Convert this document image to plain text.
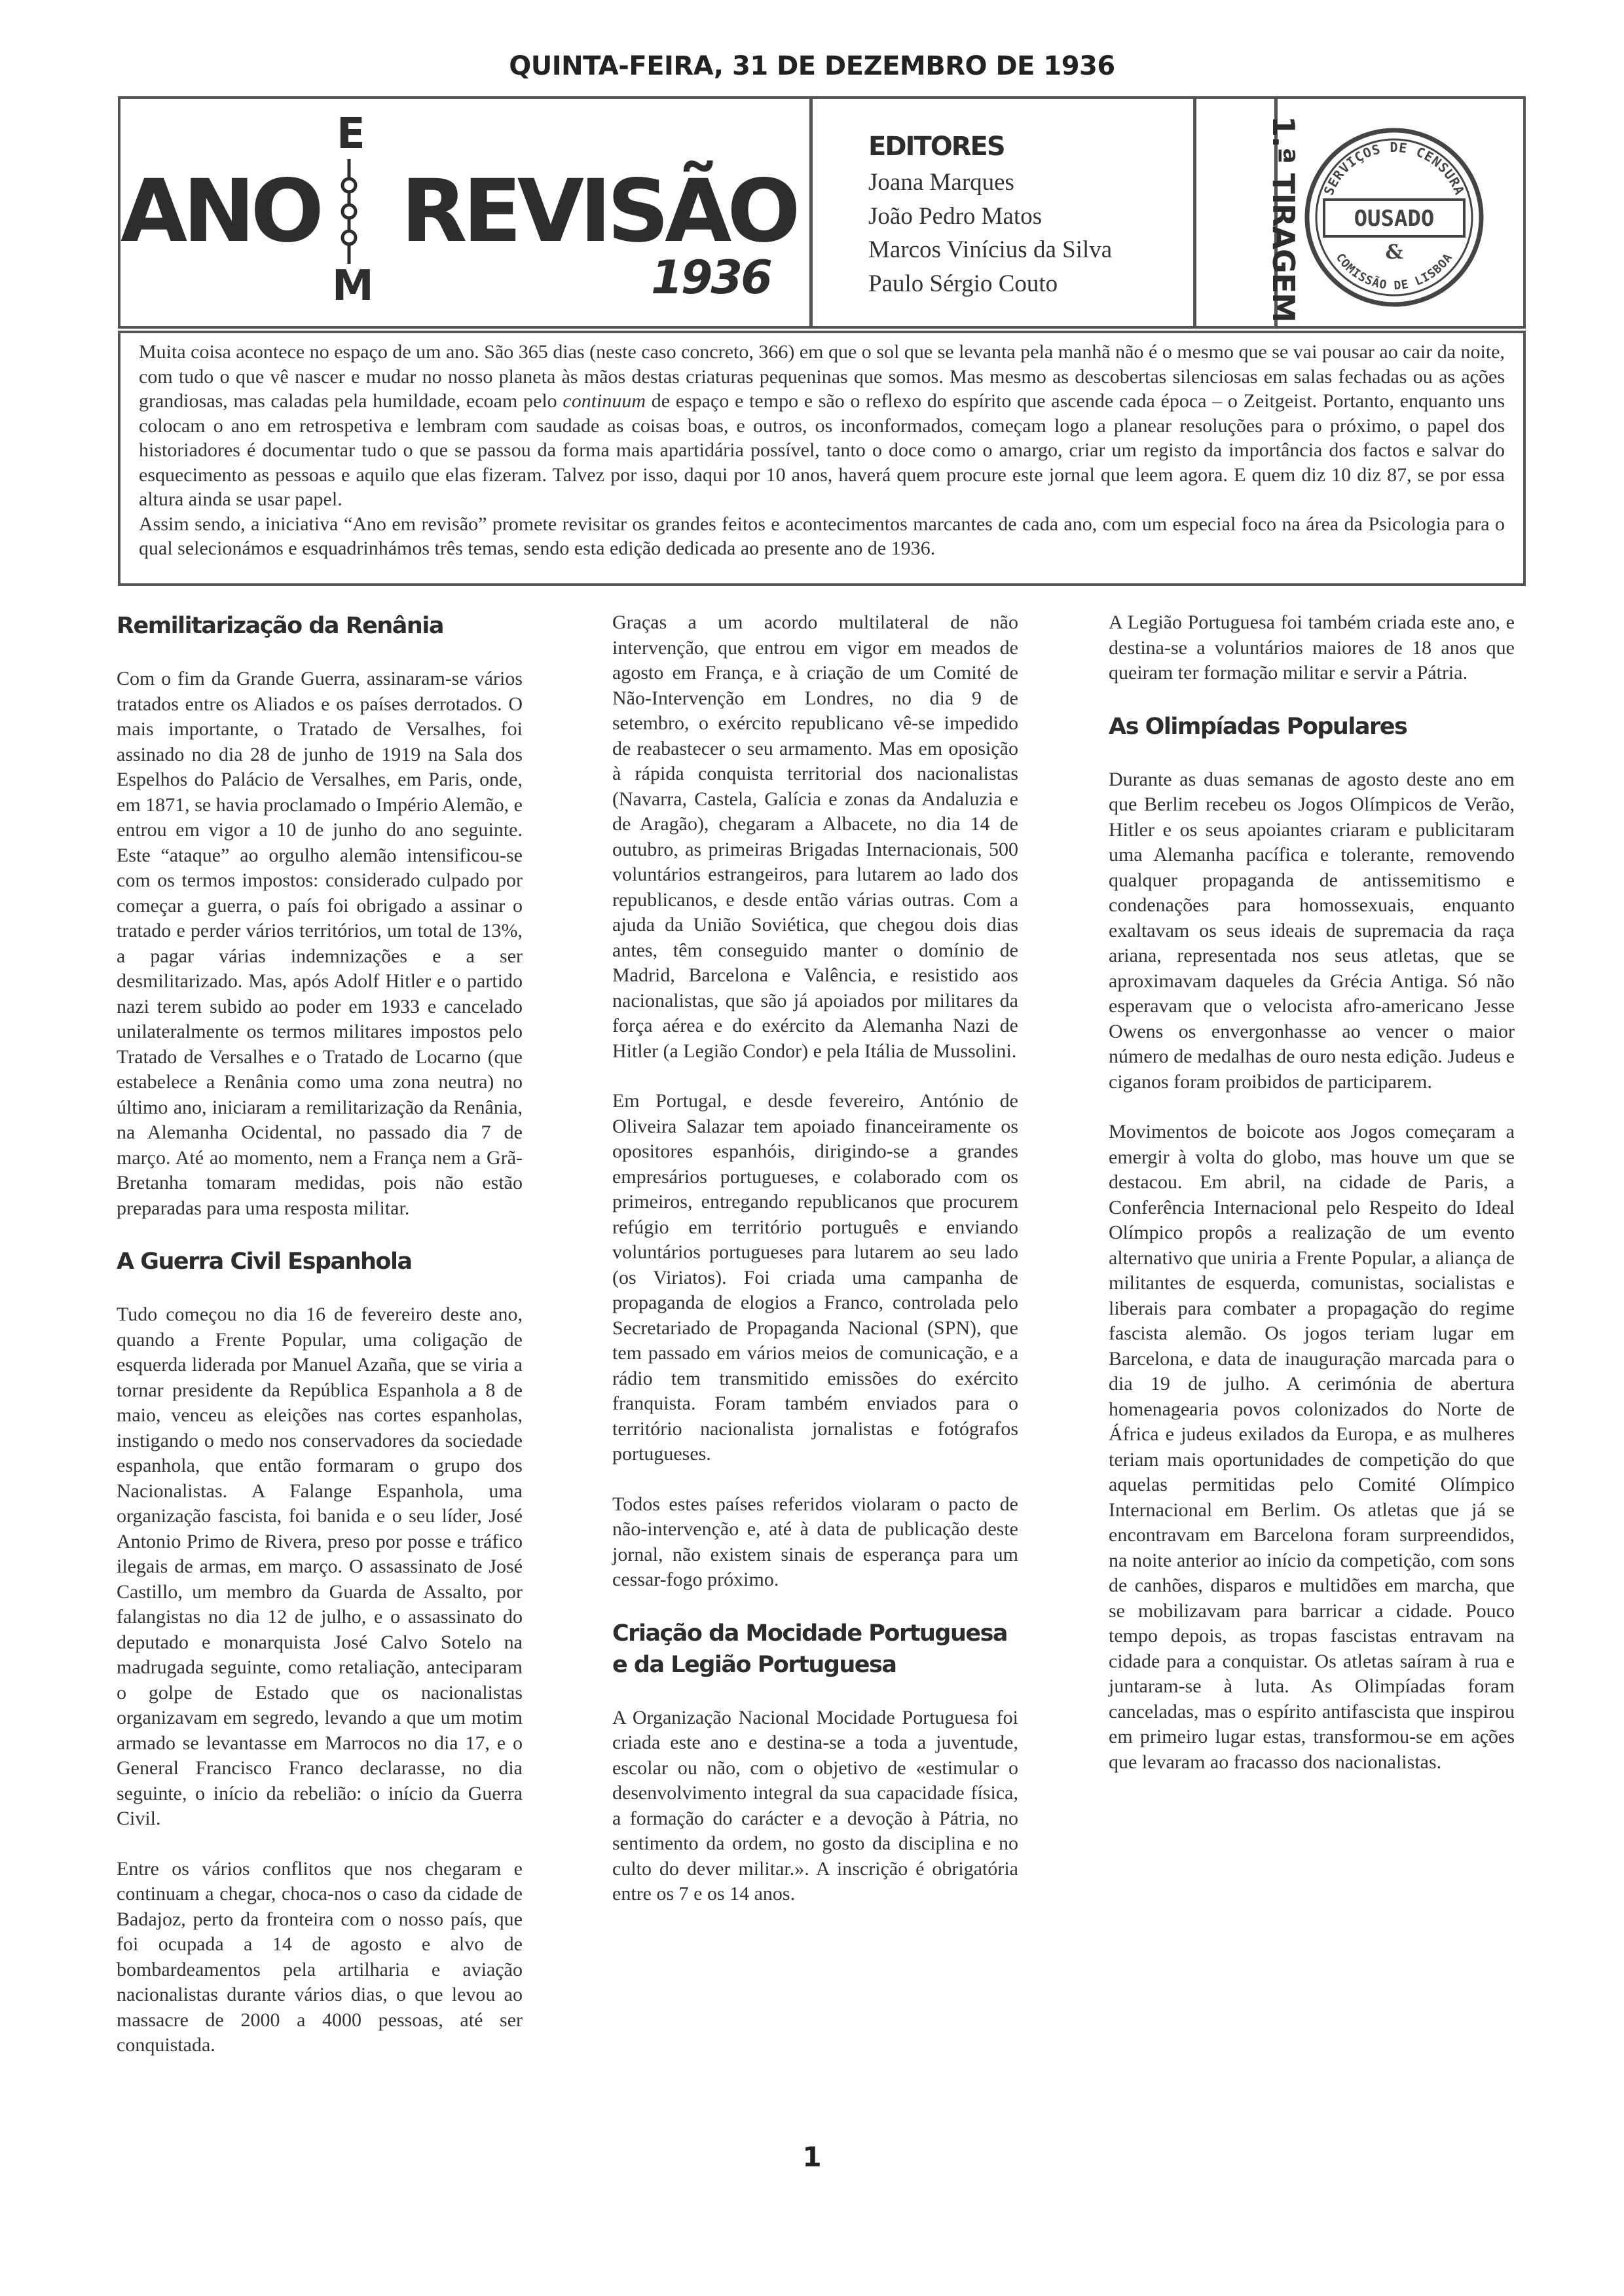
QUINTA-FEIRA, 31 DE DEZEMBRO DE 1936
ANO
E
M
REVISÃO
1936
EDITORES
Joana Marques
João Pedro Matos
Marcos Vinícius da Silva
Paulo Sérgio Couto	1.ª TIRAGEM SERVIÇOS DE CENSURA
OUSADO
&
COMISSÃO DE LISBOA

Muita coisa acontece no espaço de um ano. São 365 dias (neste caso concreto, 366) em que o sol que se levanta pela manhã não é o mesmo que se vai pousar ao cair da noite, com tudo o que vê nascer e mudar no nosso planeta às mãos destas criaturas pequeninas que somos. Mas mesmo as descobertas silenciosas em salas fechadas ou as ações grandiosas, mas caladas pela humildade, ecoam pelo continuum de espaço e tempo e são o reflexo do espírito que ascende cada época – o Zeitgeist. Portanto, enquanto uns colocam o ano em retrospetiva e lembram com saudade as coisas boas, e outros, os inconformados, começam logo a planear resoluções para o próximo, o papel dos historiadores é documentar tudo o que se passou da forma mais apartidária possível, tanto o doce como o amargo, criar um registo da importância dos factos e salvar do esquecimento as pessoas e aquilo que elas fizeram. Talvez por isso, daqui por 10 anos, haverá quem procure este jornal que leem agora. E quem diz 10 diz 87, se por essa altura ainda se usar papel.

Assim sendo, a iniciativa “Ano em revisão” promete revisitar os grandes feitos e acontecimentos marcantes de cada ano, com um especial foco na área da Psicologia para o qual selecionámos e esquadrinhámos três temas, sendo esta edição dedicada ao presente ano de 1936.

Remilitarização da Renânia

Com o fim da Grande Guerra, assinaram-se vários tratados entre os Aliados e os países derrotados. O mais importante, o Tratado de Versalhes, foi assinado no dia 28 de junho de 1919 na Sala dos Espelhos do Palácio de Versalhes, em Paris, onde, em 1871, se havia proclamado o Império Alemão, e entrou em vigor a 10 de junho do ano seguinte. Este “ataque” ao orgulho alemão intensificou-se com os termos impostos: considerado culpado por começar a guerra, o país foi obrigado a assinar o tratado e perder vários territórios, um total de 13%, a pagar várias indemnizações e a ser desmilitarizado. Mas, após Adolf Hitler e o partido nazi terem subido ao poder em 1933 e cancelado unilateralmente os termos militares impostos pelo Tratado de Versalhes e o Tratado de Locarno (que estabelece a Renânia como uma zona neutra) no último ano, iniciaram a remilitarização da Renânia, na Alemanha Ocidental, no passado dia 7 de março. Até ao momento, nem a França nem a Grã-Bretanha tomaram medidas, pois não estão preparadas para uma resposta militar.

A Guerra Civil Espanhola

Tudo começou no dia 16 de fevereiro deste ano, quando a Frente Popular, uma coligação de esquerda liderada por Manuel Azaña, que se viria a tornar presidente da República Espanhola a 8 de maio, venceu as eleições nas cortes espanholas, instigando o medo nos conservadores da sociedade espanhola, que então formaram o grupo dos Nacionalistas. A Falange Espanhola, uma organização fascista, foi banida e o seu líder, José Antonio Primo de Rivera, preso por posse e tráfico ilegais de armas, em março. O assassinato de José Castillo, um membro da Guarda de Assalto, por falangistas no dia 12 de julho, e o assassinato do deputado e monarquista José Calvo Sotelo na madrugada seguinte, como retaliação, anteciparam o golpe de Estado que os nacionalistas organizavam em segredo, levando a que um motim armado se levantasse em Marrocos no dia 17, e o General Francisco Franco declarasse, no dia seguinte, o início da rebelião: o início da Guerra Civil.

Entre os vários conflitos que nos chegaram e continuam a chegar, choca-nos o caso da cidade de Badajoz, perto da fronteira com o nosso país, que foi ocupada a 14 de agosto e alvo de bombardeamentos pela artilharia e aviação nacionalistas durante vários dias, o que levou ao massacre de 2000 a 4000 pessoas, até ser conquistada.

Graças a um acordo multilateral de não intervenção, que entrou em vigor em meados de agosto em França, e à criação de um Comité de Não-Intervenção em Londres, no dia 9 de setembro, o exército republicano vê-se impedido de reabastecer o seu armamento. Mas em oposição à rápida conquista territorial dos nacionalistas (Navarra, Castela, Galícia e zonas da Andaluzia e de Aragão), chegaram a Albacete, no dia 14 de outubro, as primeiras Brigadas Internacionais, 500 voluntários estrangeiros, para lutarem ao lado dos republicanos, e desde então várias outras. Com a ajuda da União Soviética, que chegou dois dias antes, têm conseguido manter o domínio de Madrid, Barcelona e Valência, e resistido aos nacionalistas, que são já apoiados por militares da força aérea e do exército da Alemanha Nazi de Hitler (a Legião Condor) e pela Itália de Mussolini.

Em Portugal, e desde fevereiro, António de Oliveira Salazar tem apoiado financeiramente os opositores espanhóis, dirigindo-se a grandes empresários portugueses, e colaborado com os primeiros, entregando republicanos que procurem refúgio em território português e enviando voluntários portugueses para lutarem ao seu lado (os Viriatos). Foi criada uma campanha de propaganda de elogios a Franco, controlada pelo Secretariado de Propaganda Nacional (SPN), que tem passado em vários meios de comunicação, e a rádio tem transmitido emissões do exército franquista. Foram também enviados para o território nacionalista jornalistas e fotógrafos portugueses.

Todos estes países referidos violaram o pacto de não-intervenção e, até à data de publicação deste jornal, não existem sinais de esperança para um cessar-fogo próximo.

Criação da Mocidade Portuguesa e da Legião Portuguesa

A Organização Nacional Mocidade Portuguesa foi criada este ano e destina-se a toda a juventude, escolar ou não, com o objetivo de «estimular o desenvolvimento integral da sua capacidade física, a formação do carácter e a devoção à Pátria, no sentimento da ordem, no gosto da disciplina e no culto do dever militar.». A inscrição é obrigatória entre os 7 e os 14 anos.

A Legião Portuguesa foi também criada este ano, e destina-se a voluntários maiores de 18 anos que queiram ter formação militar e servir a Pátria.

As Olimpíadas Populares

Durante as duas semanas de agosto deste ano em que Berlim recebeu os Jogos Olímpicos de Verão, Hitler e os seus apoiantes criaram e publicitaram uma Alemanha pacífica e tolerante, removendo qualquer propaganda de antissemitismo e condenações para homossexuais, enquanto exaltavam os seus ideais de supremacia da raça ariana, representada nos seus atletas, que se aproximavam daqueles da Grécia Antiga. Só não esperavam que o velocista afro-americano Jesse Owens os envergonhasse ao vencer o maior número de medalhas de ouro nesta edição. Judeus e ciganos foram proibidos de participarem.

Movimentos de boicote aos Jogos começaram a emergir à volta do globo, mas houve um que se destacou. Em abril, na cidade de Paris, a Conferência Internacional pelo Respeito do Ideal Olímpico propôs a realização de um evento alternativo que uniria a Frente Popular, a aliança de militantes de esquerda, comunistas, socialistas e liberais para combater a propagação do regime fascista alemão. Os jogos teriam lugar em Barcelona, e data de inauguração marcada para o dia 19 de julho. A cerimónia de abertura homenagearia povos colonizados do Norte de África e judeus exilados da Europa, e as mulheres teriam mais oportunidades de competição do que aquelas permitidas pelo Comité Olímpico Internacional em Berlim. Os atletas que já se encontravam em Barcelona foram surpreendidos, na noite anterior ao início da competição, com sons de canhões, disparos e multidões em marcha, que se mobilizavam para barricar a cidade. Pouco tempo depois, as tropas fascistas entravam na cidade para a conquistar. Os atletas saíram à rua e juntaram-se à luta. As Olimpíadas foram canceladas, mas o espírito antifascista que inspirou em primeiro lugar estas, transformou-se em ações que levaram ao fracasso dos nacionalistas.

1
